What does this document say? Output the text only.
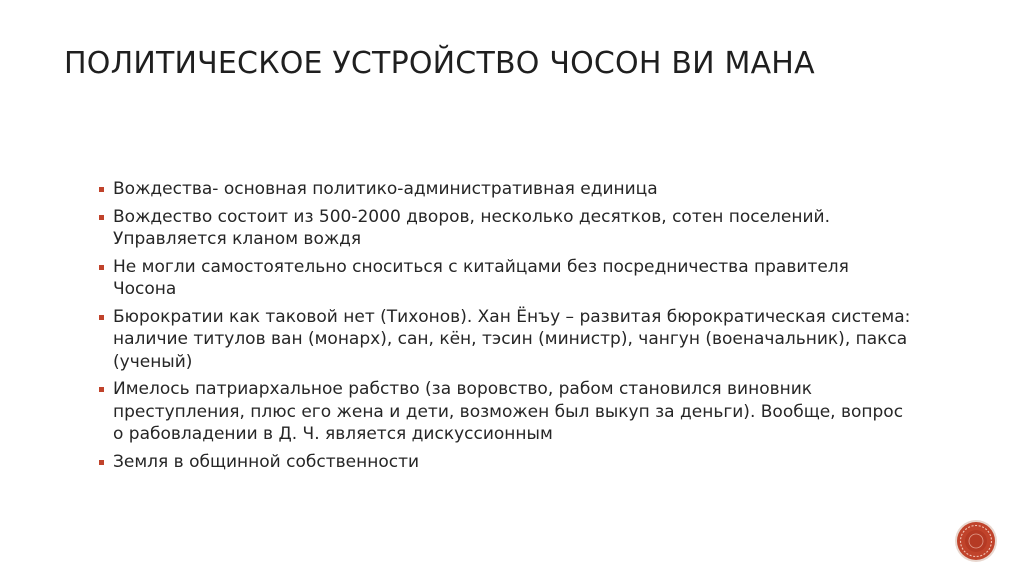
ПОЛИТИЧЕСКОЕ УСТРОЙСТВО ЧОСОН ВИ МАНА
Вождества- основная политико-административная единица
Вождество состоит из 500-2000 дворов, несколько десятков, сотен поселений. Управляется кланом вождя
Не могли самостоятельно сноситься с китайцами без посредничества правителя Чосона
Бюрократии как таковой нет (Тихонов). Хан Ёнъу – развитая бюрократическая система: наличие титулов ван (монарх), сан, кён, тэсин (министр), чангун (военачальник), пакса (ученый)
Имелось патриархальное рабство (за воровство, рабом становился виновник преступления, плюс его жена и дети, возможен был выкуп за деньги). Вообще, вопрос о рабовладении в Д. Ч. является дискуссионным
Земля в общинной собственности
